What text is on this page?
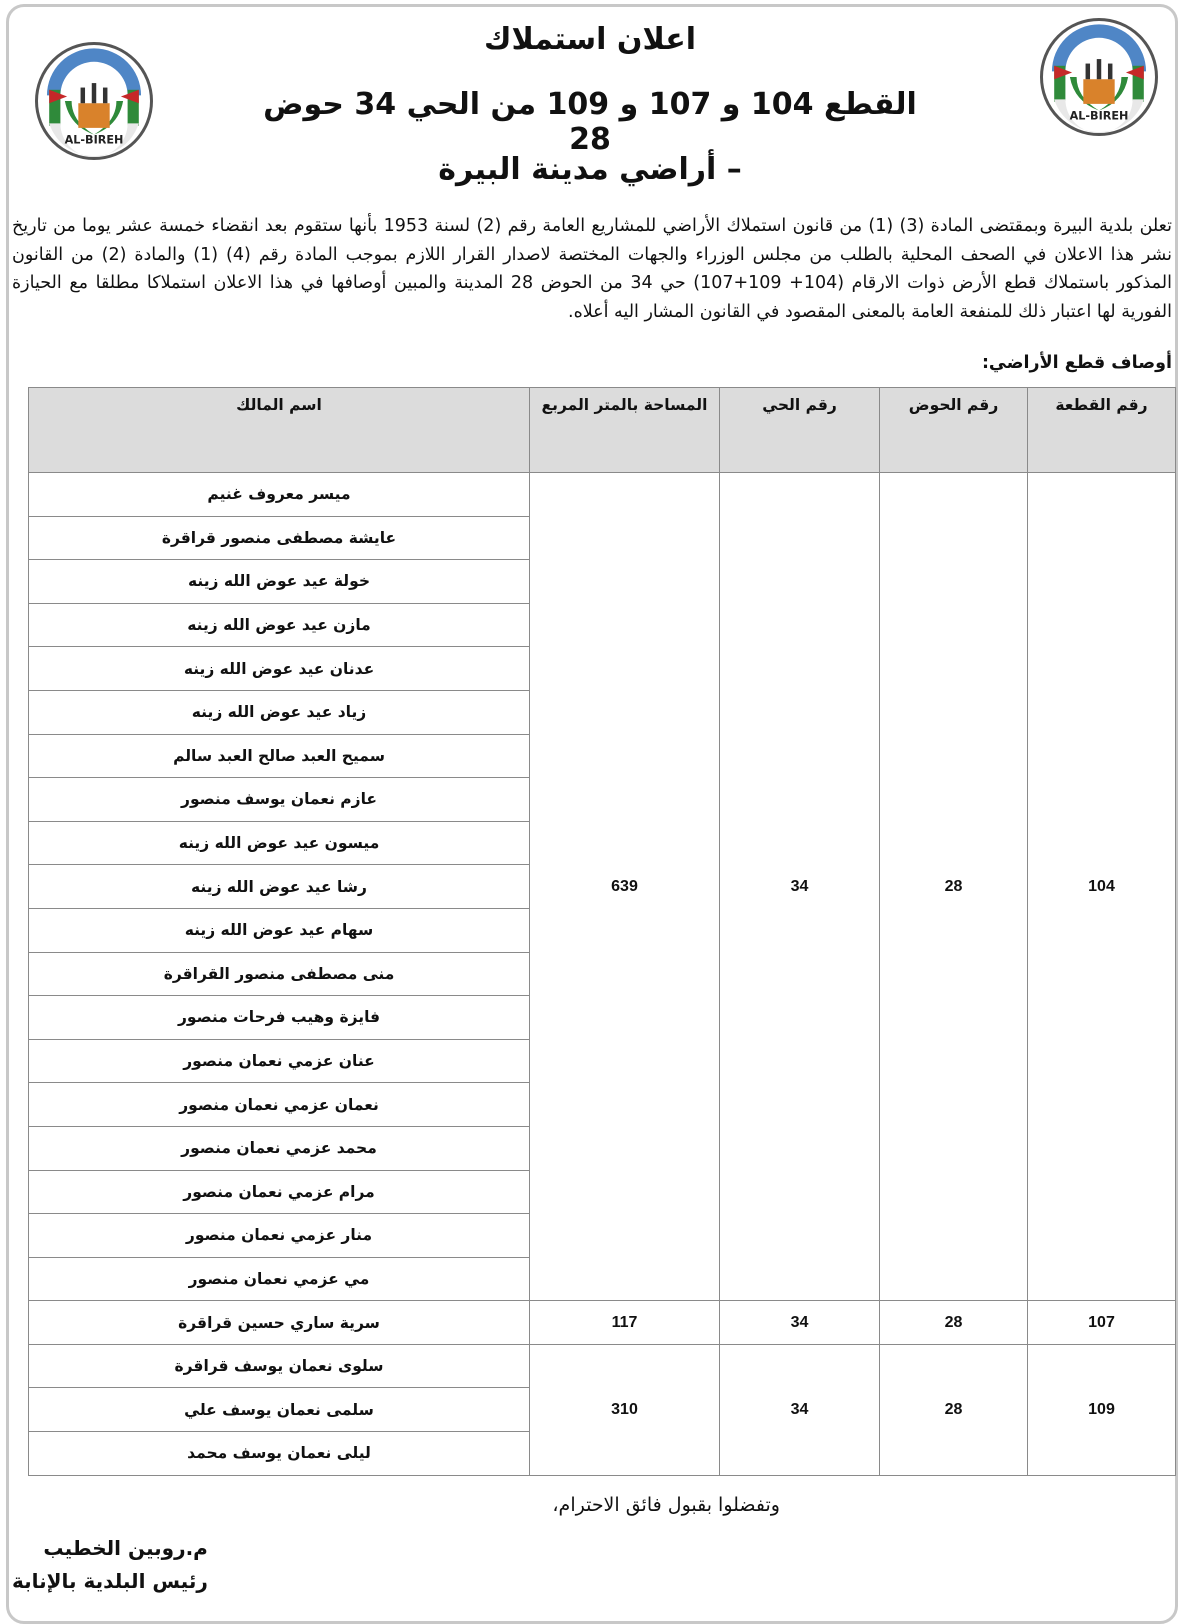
AL-BIREH
AL-BIREH
اعلان استملاك
القطع 104 و 107 و 109 من الحي 34 حوض 28
– أراضي مدينة البيرة
تعلن بلدية البيرة وبمقتضى المادة (3) (1) من قانون استملاك الأراضي للمشاريع العامة رقم (2) لسنة 1953 بأنها ستقوم بعد انقضاء خمسة عشر يوما من تاريخ نشر هذا الاعلان في الصحف المحلية بالطلب من مجلس الوزراء والجهات المختصة لاصدار القرار اللازم بموجب المادة رقم (4) (1) والمادة (2) من القانون المذكور باستملاك قطع الأرض ذوات الارقام (104+ 109+107) حي 34 من الحوض 28 المدينة والمبين أوصافها في هذا الاعلان استملاكا مطلقا مع الحيازة الفورية لها اعتبار ذلك للمنفعة العامة بالمعنى المقصود في القانون المشار اليه أعلاه.
أوصاف قطع الأراضي:
رقم القطعة	رقم الحوض	رقم الحي	المساحة بالمتر المربع	اسم المالك
104	28	34	639	ميسر معروف غنيم
				عايشة مصطفى منصور قراقرة
				خولة عيد عوض الله زينه
				مازن عيد عوض الله زينه
				عدنان عيد عوض الله زينه
				زياد عيد عوض الله زينه
				سميح العبد صالح العبد سالم
				عازم نعمان يوسف منصور
				ميسون عيد عوض الله زينه
				رشا عيد عوض الله زينه
				سهام عيد عوض الله زينه
				منى مصطفى منصور القراقرة
				فايزة وهيب فرحات منصور
				عنان عزمي نعمان منصور
				نعمان عزمي نعمان منصور
				محمد عزمي نعمان منصور
				مرام عزمي نعمان منصور
				منار عزمي نعمان منصور
				مي عزمي نعمان منصور
107	28	34	117	سرية ساري حسين قراقرة
109	28	34	310	سلوى نعمان يوسف قراقرة
				سلمى نعمان يوسف علي
				ليلى نعمان يوسف محمد
وتفضلوا بقبول فائق الاحترام،
م.روبين الخطيب
رئيس البلدية بالإنابة
